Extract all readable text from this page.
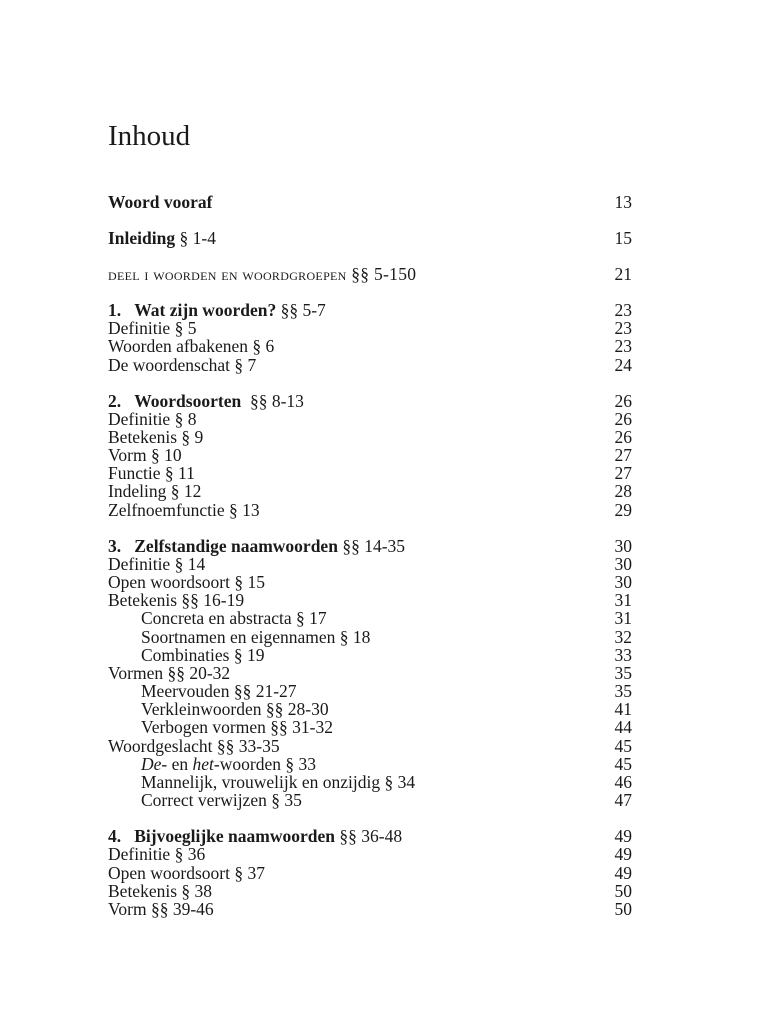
Inhoud
Woord vooraf	13
Inleiding § 1-4	15
deel i woorden en woordgroepen §§ 5-150	21
1. Wat zijn woorden? §§ 5-7	23
Definitie § 5	23
Woorden afbakenen § 6	23
De woordenschat § 7	24
2. Woordsoorten §§ 8-13	26
Definitie § 8	26
Betekenis § 9	26
Vorm § 10	27
Functie § 11	27
Indeling § 12	28
Zelfnoemfunctie § 13	29
3. Zelfstandige naamwoorden §§ 14-35	30
Definitie § 14	30
Open woordsoort § 15	30
Betekenis §§ 16-19	31
Concreta en abstracta § 17	31
Soortnamen en eigennamen § 18	32
Combinaties § 19	33
Vormen §§ 20-32	35
Meervouden §§ 21-27	35
Verkleinwoorden §§ 28-30	41
Verbogen vormen §§ 31-32	44
Woordgeslacht §§ 33-35	45
De- en het-woorden § 33	45
Mannelijk, vrouwelijk en onzijdig § 34	46
Correct verwijzen § 35	47
4. Bijvoeglijke naamwoorden §§ 36-48	49
Definitie § 36	49
Open woordsoort § 37	49
Betekenis § 38	50
Vorm §§ 39-46	50
